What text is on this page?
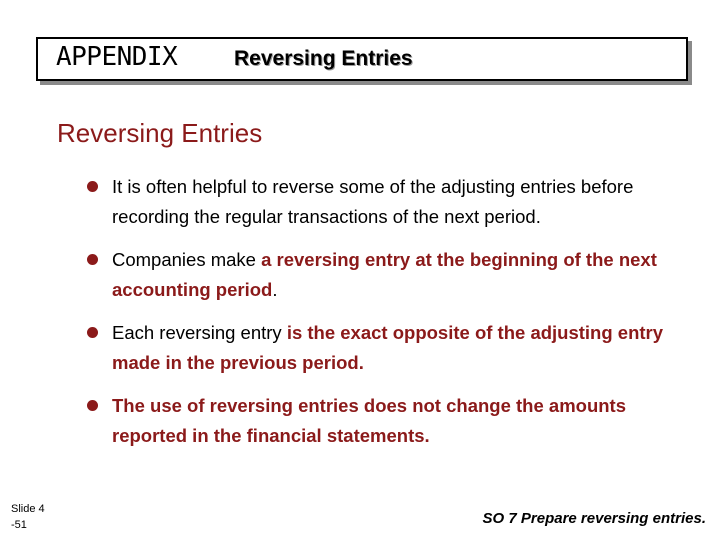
APPENDIX	Reversing Entries
Reversing Entries
It is often helpful to reverse some of the adjusting entries before recording the regular transactions of the next period.
Companies make a reversing entry at the beginning of the next accounting period.
Each reversing entry is the exact opposite of the adjusting entry made in the previous period.
The use of reversing entries does not change the amounts reported in the financial statements.
Slide 4
-51	SO 7 Prepare reversing entries.
